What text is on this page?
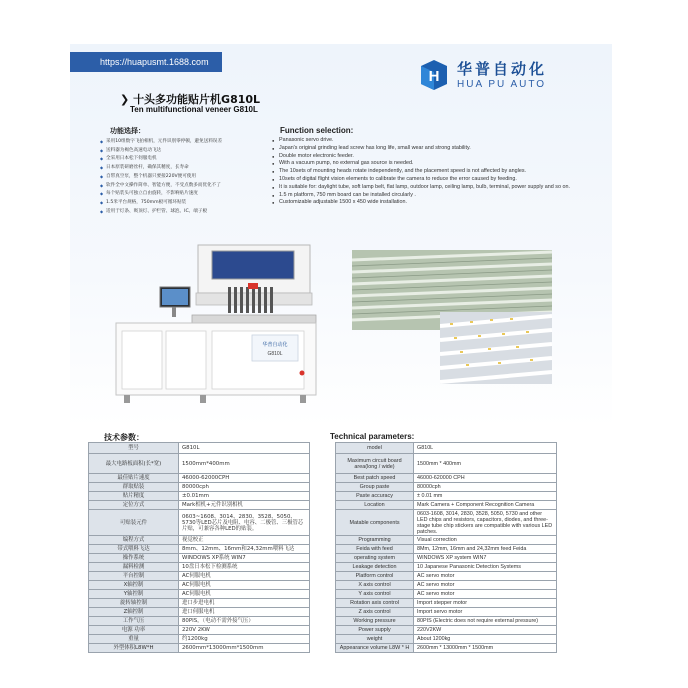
https://huapusmt.1688.com
H 华普自动化
HUA PU AUTO
❯ 十头多功能贴片机G810L
Ten multifunctional veneer G810L
功能选择：
◆ 采用10组数字飞拍相机，元件识别零停顿，避免送料误差
◆ 送料器为褐色高速电动飞达
◆ 全采用日本松下伺服电机
◆ 日本原装研磨丝杆，确保其精度，长寿命
◆ 自带真空泵，整个机器只要接220V便可使用
◆ 软件全中文操作简单、智能方便，不受点数多而优化不了
◆ 每个贴装头可独立自由旋转，不影响贴片速度
◆ 1.5米平台规格，750mm板可循环贴装
◆ 适用于灯条、吸顶灯、护栏管、球泡、IC、端子板
Function selection:
● Panasonic servo drive.
● Japan's original grinding lead screw has long life, small wear and strong stability.
● Double motor electronic feeder.
● With a vacuum pump, no external gas source is needed.
● The 10sets of mounting heads rotate independently, and the placement speed is not affected by angles.
● 10sets of digital flight vision elements to calibrate the camera to reduce the error caused by feeding.
● It is suitable for: daylight tube, soft lamp belt, flat lamp, outdoor lamp, ceiling lamp, bulb, terminal, power supply and so on.
● 1.5 m platform, 750 mm board can be installed circularly .
● Customizable adjustable 1500 x 450 wide installation.
华普自动化
G810L
技术参数：	Technical parameters:
型号	G810L
最大电路板面积(长*宽)	1500mm*400mm
最佳贴片速度	46000-62000CPH
群取贴装	80000cph
贴片精度	±0.01mm
定位方式	Mark相机+元件识别相机
可贴装元件	0603~1608、3014、2830、3528、5050、5730等LED芯片及电阻、电容、二极管、三极管芯片贴，可兼容各种LED的贴装。
编程方式	视觉校正
带式喂料飞达	8mm、12mm、16mm和24,32mm喂料飞达
操作系统	WINDOWS XP系统 WIN7
漏料检测	10盘日本松下检测系统
平台控制	AC伺服电机
X轴控制	AC伺服电机
Y轴控制	AC伺服电机
旋转轴控制	进口步进电机
Z轴控制	进口伺服电机
工作气压	80PIS，（电动不需外接气压）
电源 功率	220V 2KW
重量	约1200kg
外型体积L8W*H	2600mm*13000mm*1500mm
model	G810L
Maximum circuit board area(long / wide)	1500mm * 400mm
Best patch speed	46000-620000 CPH
Group paste	80000cph
Paste accuracy	± 0.01 mm
Location	Mark Camera + Component Recognition Camera
Matable components	0603-1608, 3014, 2830, 3528, 5050, 5730 and other LED chips and resistors, capacitors, diodes, and three-stage tube chip stickers are compatible with various LED patches.
Programming	Visual correction
Feida with feed	8Mm, 12mm, 16mm and 24,32mm feed Feida
operating system	WINDOWS XP system WIN7
Leakage detection	10 Japanese Panasonic Detection Systems
Platform control	AC servo motor
X axis control	AC servo motor
Y axis control	AC servo motor
Rotation axis control	Import stepper motor
Z axis control	Import servo motor
Working pressure	80PIS (Electric does not require external pressure)
Power supply	220V2KW
weight	About 1200kg
Appearance volume L8W * H	2600mm * 13000mm * 1500mm
